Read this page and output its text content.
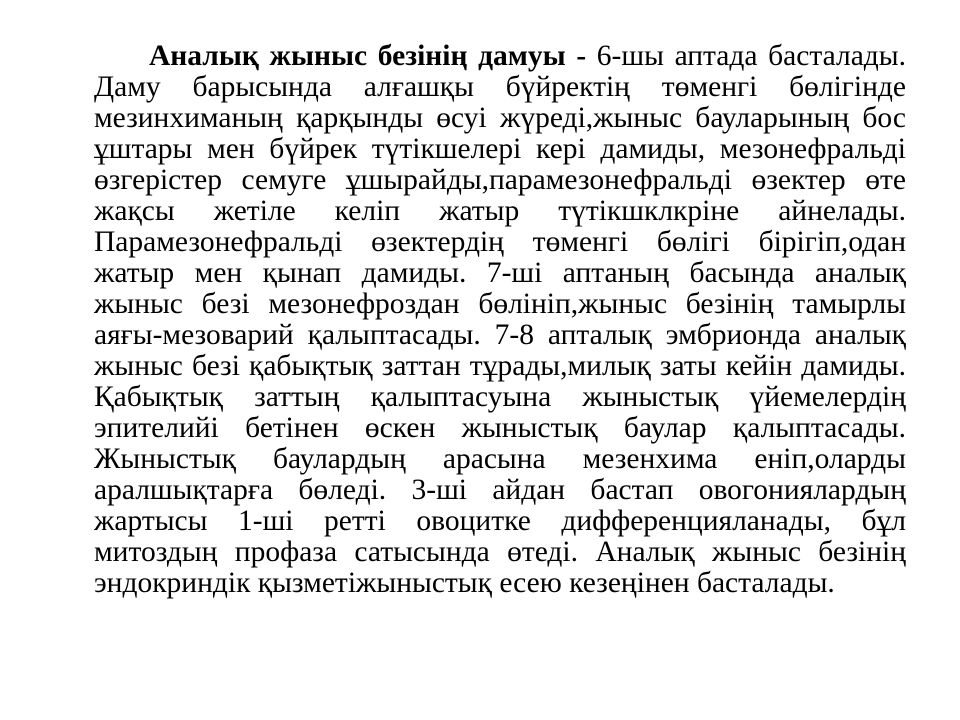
Аналық жыныс безінің дамуы - 6-шы аптада басталады. Даму барысында алғашқы бүйректің төменгі бөлігінде мезинхиманың қарқынды өсуі жүреді,жыныс бауларының бос ұштары мен бүйрек түтікшелері кері дамиды, мезонефральді өзгерістер семуге ұшырайды,парамезонефральді өзектер өте жақсы жетіле келіп жатыр түтікшклкріне айнелады. Парамезонефральді өзектердің төменгі бөлігі бірігіп,одан жатыр мен қынап дамиды. 7-ші аптаның басында аналық жыныс безі мезонефроздан бөлініп,жыныс безінің тамырлы аяғы-мезоварий қалыптасады. 7-8 апталық эмбрионда аналық жыныс безі қабықтық заттан тұрады,милық заты кейін дамиды. Қабықтық заттың қалыптасуына жыныстық үйемелердің эпителийі бетінен өскен жыныстық баулар қалыптасады. Жыныстық баулардың арасына мезенхима еніп,оларды аралшықтарға бөледі. 3-ші айдан бастап овогониялардың жартысы 1-ші ретті овоцитке дифференцияланады, бұл митоздың профаза сатысында өтеді. Аналық жыныс безінің эндокриндік қызметіжыныстық есею кезеңінен басталады.
